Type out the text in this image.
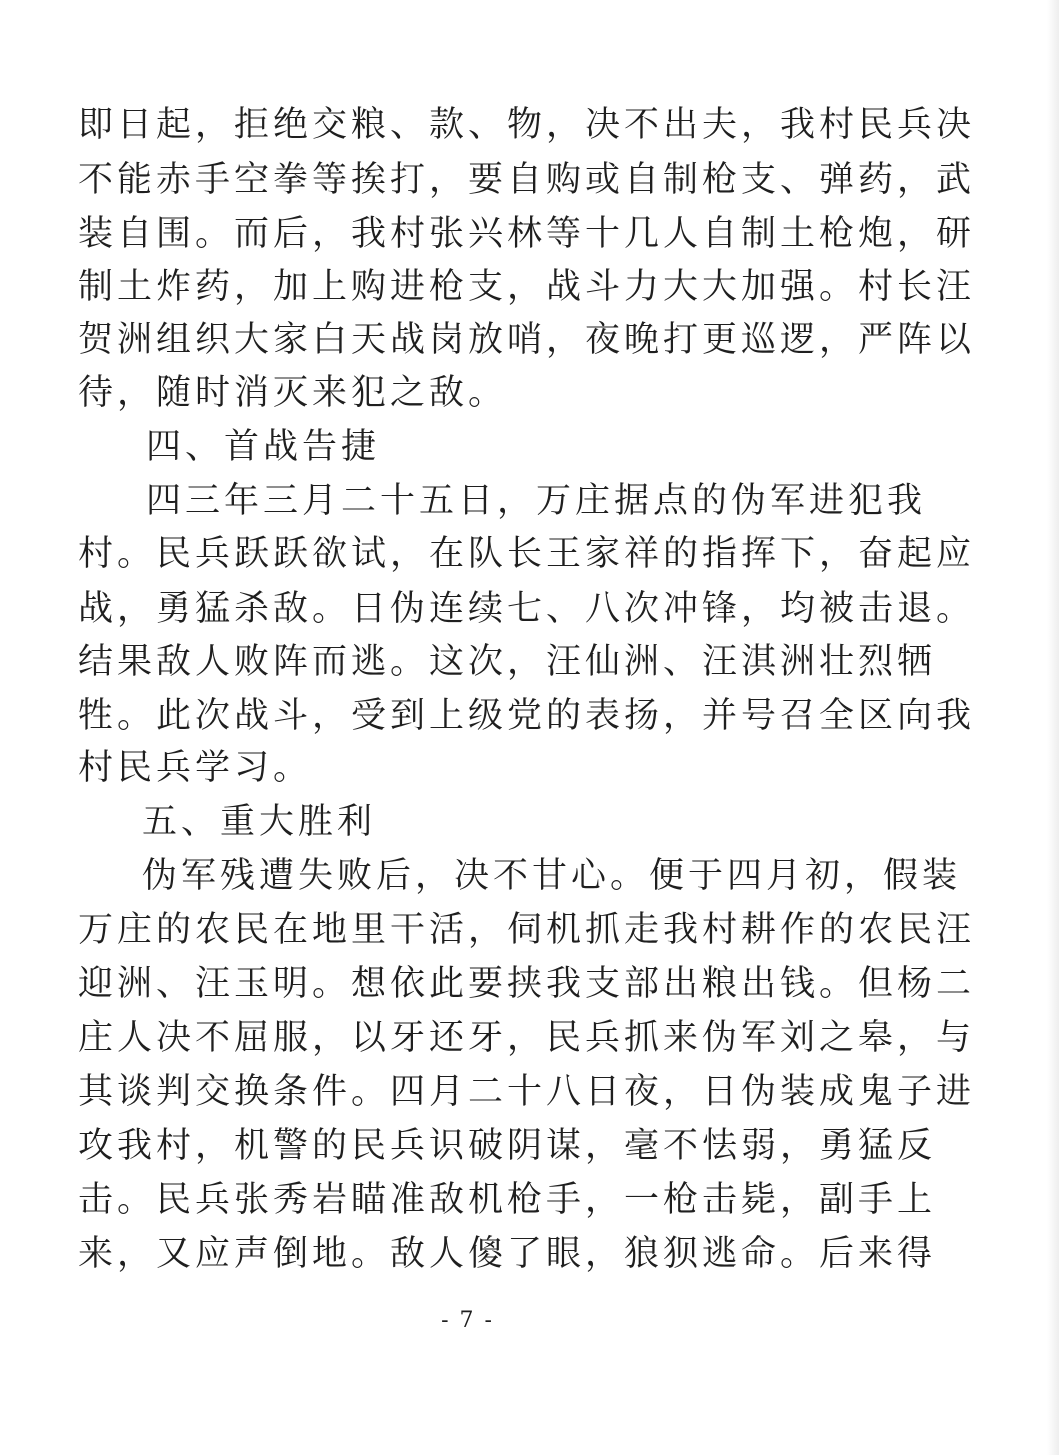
即日起，拒绝交粮、款、物，决不出夫，我村民兵决
不能赤手空拳等挨打，要自购或自制枪支、弹药，武
装自围。而后，我村张兴林等十几人自制土枪炮，研
制土炸药，加上购进枪支，战斗力大大加强。村长汪
贺洲组织大家白天战岗放哨，夜晚打更巡逻，严阵以
待，随时消灭来犯之敌。
四、首战告捷
四三年三月二十五日，万庄据点的伪军进犯我
村。民兵跃跃欲试，在队长王家祥的指挥下，奋起应
战，勇猛杀敌。日伪连续七、八次冲锋，均被击退。
结果敌人败阵而逃。这次，汪仙洲、汪淇洲壮烈牺
牲。此次战斗，受到上级党的表扬，并号召全区向我
村民兵学习。
五、重大胜利
伪军残遭失败后，决不甘心。便于四月初，假装
万庄的农民在地里干活，伺机抓走我村耕作的农民汪
迎洲、汪玉明。想依此要挟我支部出粮出钱。但杨二
庄人决不屈服，以牙还牙，民兵抓来伪军刘之皋，与
其谈判交换条件。四月二十八日夜，日伪装成鬼子进
攻我村，机警的民兵识破阴谋，毫不怯弱，勇猛反
击。民兵张秀岩瞄准敌机枪手，一枪击毙，副手上
来，又应声倒地。敌人傻了眼，狼狈逃命。后来得
- 7 -
